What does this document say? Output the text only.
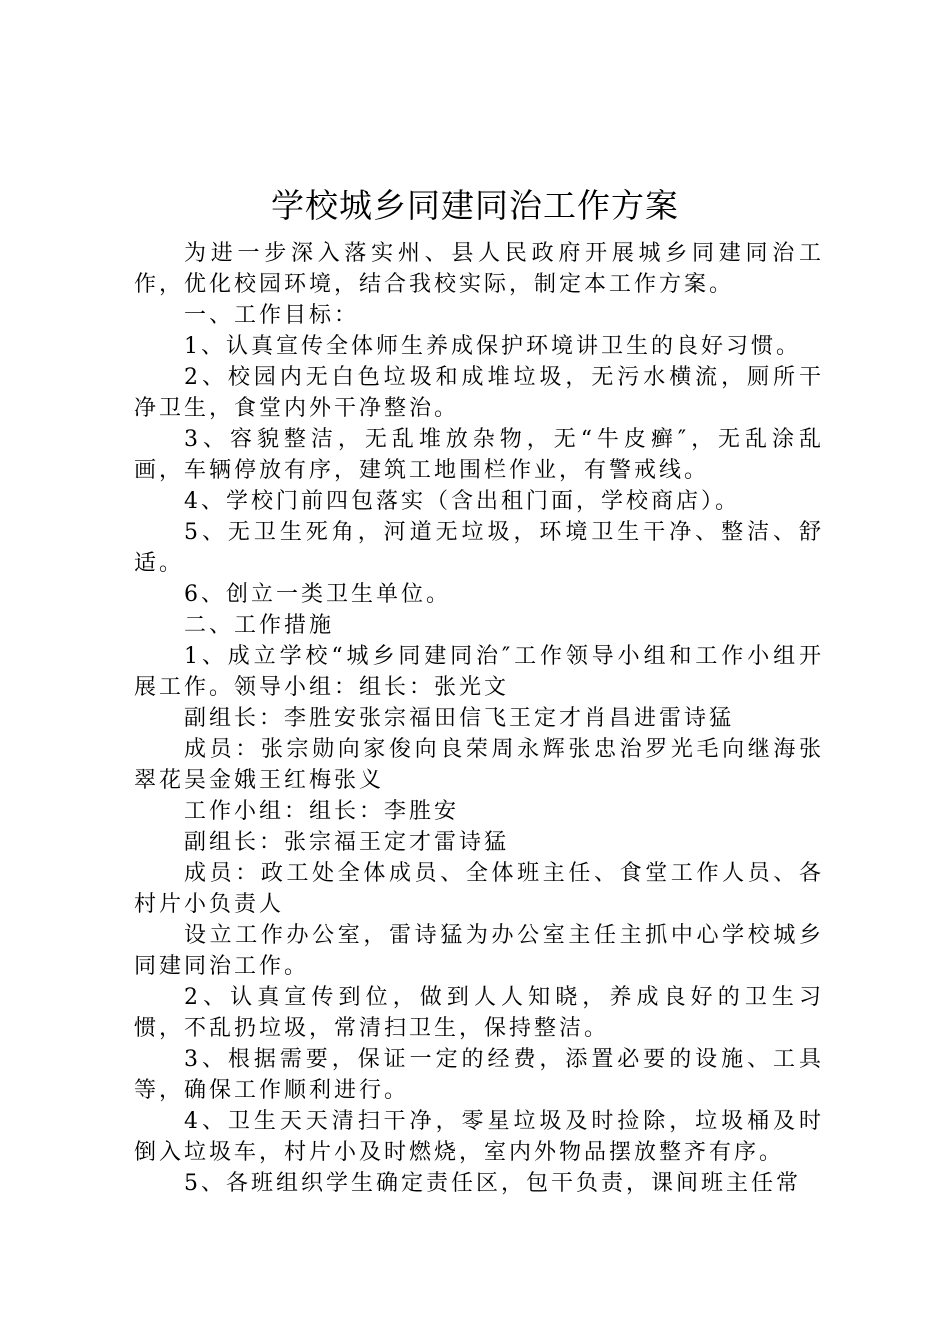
学校城乡同建同治工作方案

为进一步深入落实州、县人民政府开展城乡同建同治工作，优化校园环境，结合我校实际，制定本工作方案。

一、工作目标：

1、认真宣传全体师生养成保护环境讲卫生的良好习惯。

2、校园内无白色垃圾和成堆垃圾，无污水横流，厕所干净卫生，食堂内外干净整治。

3、容貌整洁，无乱堆放杂物，无“牛皮癣″，无乱涂乱画，车辆停放有序，建筑工地围栏作业，有警戒线。

4、学校门前四包落实（含出租门面，学校商店）。

5、无卫生死角，河道无垃圾，环境卫生干净、整洁、舒适。

6、创立一类卫生单位。

二、工作措施

1、成立学校“城乡同建同治″工作领导小组和工作小组开展工作。领导小组：组长：张光文

副组长：李胜安张宗福田信飞王定才肖昌进雷诗猛

成员：张宗勋向家俊向良荣周永辉张忠治罗光毛向继海张翠花吴金娥王红梅张义

工作小组：组长：李胜安

副组长：张宗福王定才雷诗猛

成员：政工处全体成员、全体班主任、食堂工作人员、各村片小负责人

设立工作办公室，雷诗猛为办公室主任主抓中心学校城乡同建同治工作。

2、认真宣传到位，做到人人知晓，养成良好的卫生习惯，不乱扔垃圾，常清扫卫生，保持整洁。

3、根据需要，保证一定的经费，添置必要的设施、工具等，确保工作顺利进行。

4、卫生天天清扫干净，零星垃圾及时捡除，垃圾桶及时倒入垃圾车，村片小及时燃烧，室内外物品摆放整齐有序。

5、各班组织学生确定责任区，包干负责，课间班主任常
